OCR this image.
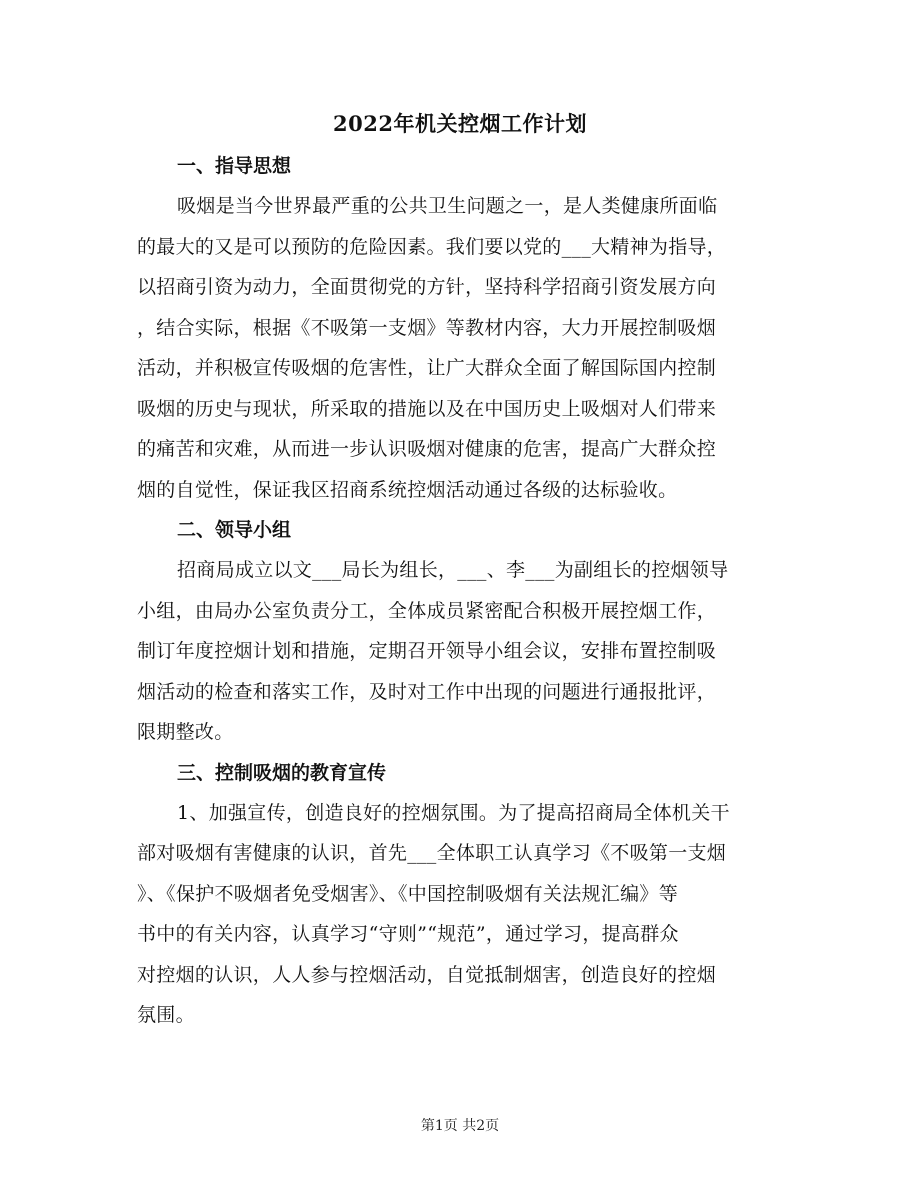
2022年机关控烟工作计划
一、指导思想

吸烟是当今世界最严重的公共卫生问题之一，是人类健康所面临
的最大的又是可以预防的危险因素。我们要以党的___大精神为指导，
以招商引资为动力，全面贯彻党的方针，坚持科学招商引资发展方向
，结合实际，根据《不吸第一支烟》等教材内容，大力开展控制吸烟
活动，并积极宣传吸烟的危害性，让广大群众全面了解国际国内控制
吸烟的历史与现状，所采取的措施以及在中国历史上吸烟对人们带来
的痛苦和灾难，从而进一步认识吸烟对健康的危害，提高广大群众控
烟的自觉性，保证我区招商系统控烟活动通过各级的达标验收。

二、领导小组

招商局成立以文___局长为组长，___、李___为副组长的控烟领导
小组，由局办公室负责分工，全体成员紧密配合积极开展控烟工作，
制订年度控烟计划和措施，定期召开领导小组会议，安排布置控制吸
烟活动的检查和落实工作，及时对工作中出现的问题进行通报批评，
限期整改。

三、控制吸烟的教育宣传

1、加强宣传，创造良好的控烟氛围。为了提高招商局全体机关干
部对吸烟有害健康的认识，首先___全体职工认真学习《不吸第一支烟
》、《保护不吸烟者免受烟害》、《中国控制吸烟有关法规汇编》等
书中的有关内容，认真学习“守则”“规范”，通过学习，提高群众
对控烟的认识，人人参与控烟活动，自觉抵制烟害，创造良好的控烟
氛围。

第1页 共2页
